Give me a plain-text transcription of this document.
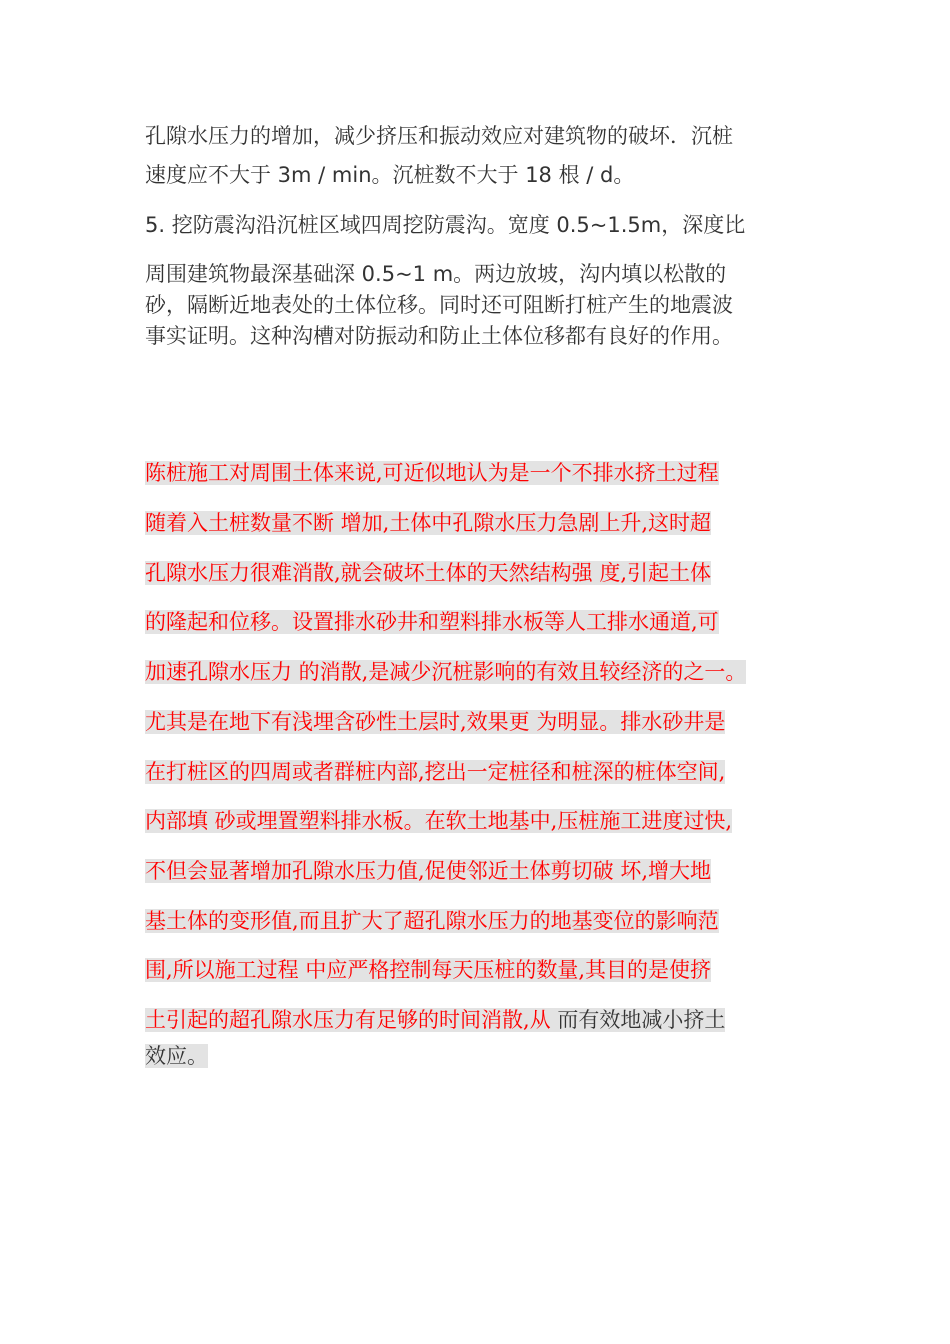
孔隙水压力的增加，减少挤压和振动效应对建筑物的破坏．沉桩
速度应不大于 3m / min。沉桩数不大于 18 根 / d。
5. 挖防震沟沿沉桩区域四周挖防震沟。宽度 0.5~1.5m，深度比
周围建筑物最深基础深 0.5~1 m。两边放坡，沟内填以松散的
砂，隔断近地表处的土体位移。同时还可阻断打桩产生的地震波
事实证明。这种沟槽对防振动和防止土体位移都有良好的作用。
陈桩施工对周围土体来说,可近似地认为是一个不排水挤土过程
随着入土桩数量不断 增加,土体中孔隙水压力急剧上升,这时超
孔隙水压力很难消散,就会破坏土体的天然结构强 度,引起土体
的隆起和位移。设置排水砂井和塑料排水板等人工排水通道,可
加速孔隙水压力 的消散,是减少沉桩影响的有效且较经济的之一。
尤其是在地下有浅埋含砂性土层时,效果更 为明显。排水砂井是
在打桩区的四周或者群桩内部,挖出一定桩径和桩深的桩体空间,
内部填 砂或埋置塑料排水板。在软土地基中,压桩施工进度过快,
不但会显著增加孔隙水压力值,促使邻近土体剪切破 坏,增大地
基土体的变形值,而且扩大了超孔隙水压力的地基变位的影响范
围,所以施工过程 中应严格控制每天压桩的数量,其目的是使挤
土引起的超孔隙水压力有足够的时间消散,从 而有效地减小挤土
效应。
